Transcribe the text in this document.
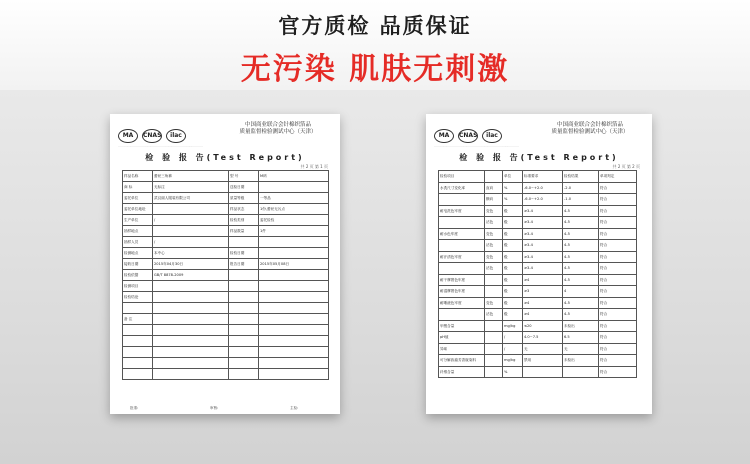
官方质检 品质保证
无污染 肌肤无刺激
MA CNAS ilac
中国商业联合会针棉织箔品
质量监督检验测试中心（天津）
·························································································
检 验 报 告(Test Report)
共 2 页 第 1 页
样品名称	蕾丝三角裤	型 号	M码
商 标	无标注	送检日期	
委托单位	武汉丽人服装有限公司	质量等级	一等品
委托单位地址		样品状态	1份,蕾丝无污点
生产单位	/	检验类别	委托检验
抽样地点		样品数量	1件
抽样人员	/		
检测地点	本中心	检验日期	
接收日期	2015年04月30日	报告日期	2015年05月08日
检验依据	GB/T 8878-2009		
检测项目			
检验结论			

备 注			

批准:	审核:	主检:
MA CNAS ilac
中国商业联合会针棉织箔品
质量监督检验测试中心（天津）
·························································································
检 验 报 告(Test Report)
共 2 页 第 2 页
检验项目		单位	标准要求	检验结果	单项判定
水洗尺寸变化率	直向	%	-6.0~+2.0	-2.0	符合
	横向	%	-6.0~+2.0	-1.0	符合
耐皂洗色牢度	变色	级	≥3-4	4-5	符合
	沾色	级	≥3-4	4-5	符合
耐水色牢度	变色	级	≥3-4	4-5	符合
	沾色	级	≥3-4	4-5	符合
耐汗渍色牢度	变色	级	≥3-4	4-5	符合
	沾色	级	≥3-4	4-5	符合
耐干摩擦色牢度		级	≥4	4-5	符合
耐湿摩擦色牢度		级	≥3	4	符合
耐唾液色牢度	变色	级	≥4	4-5	符合
	沾色	级	≥4	4-5	符合
甲醛含量		mg/kg	≤20	未检出	符合
pH值		/	4.0~7.5	6.5	符合
异味		/	无	无	符合
可分解致癌芳香胺染料		mg/kg	禁用	未检出	符合
纤维含量		%			符合
